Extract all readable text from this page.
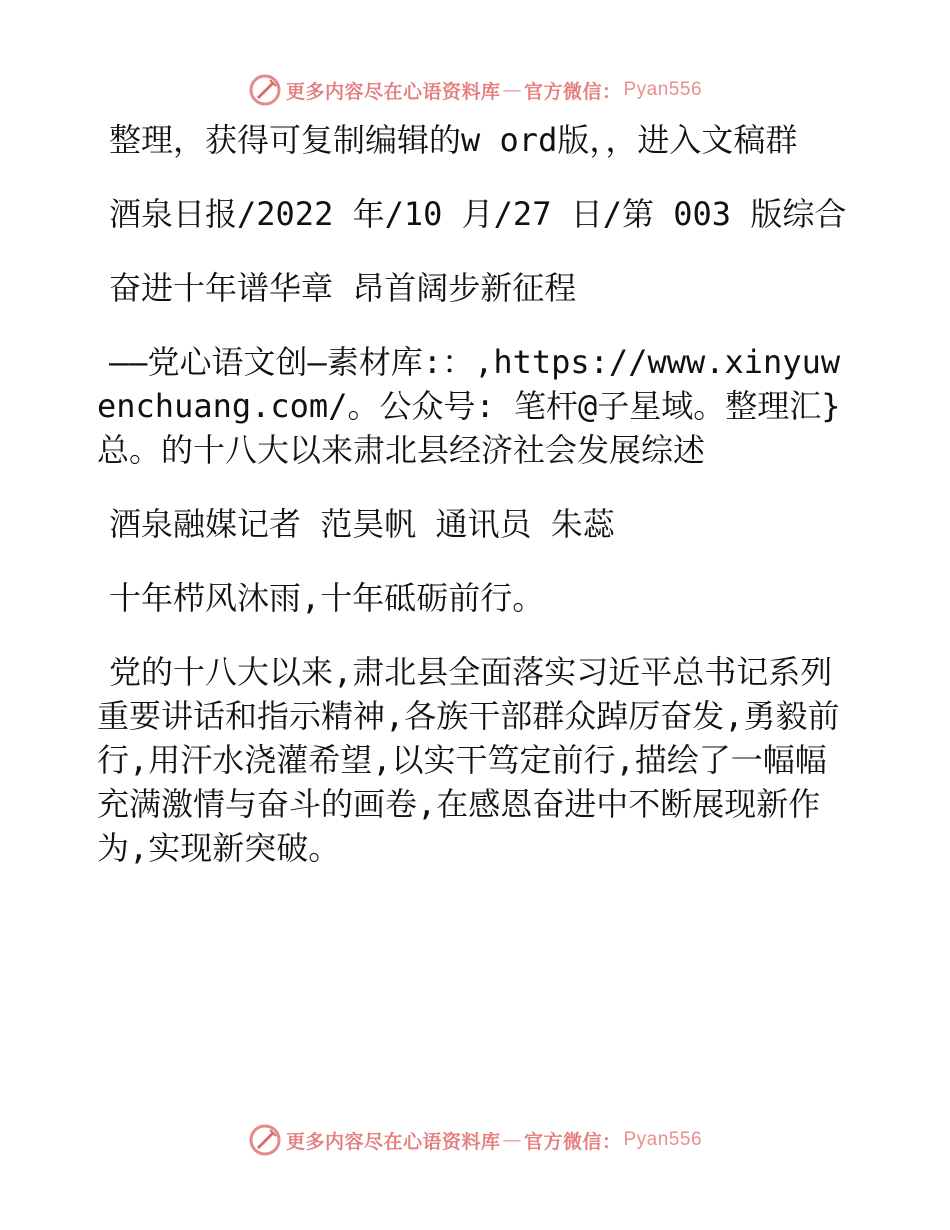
更多内容尽在心语资料库 — 官方微信： Pyan556

整理，获得可复制编辑的w ord版，，进入文稿群

酒泉日报/2022 年/10 月/27 日/第 003 版综合

奋进十年谱华章 昂首阔步新征程

——党心语文创—素材库:：,https://www.xinyuwenchuang.com/。公众号: 笔杆@子星域。整理汇}总。的十八大以来肃北县经济社会发展综述

酒泉融媒记者 范昊帆 通讯员 朱蕊

十年栉风沐雨,十年砥砺前行。

党的十八大以来,肃北县全面落实习近平总书记系列重要讲话和指示精神,各族干部群众踔厉奋发,勇毅前行,用汗水浇灌希望,以实干笃定前行,描绘了一幅幅充满激情与奋斗的画卷,在感恩奋进中不断展现新作为,实现新突破。

更多内容尽在心语资料库 — 官方微信： Pyan556
